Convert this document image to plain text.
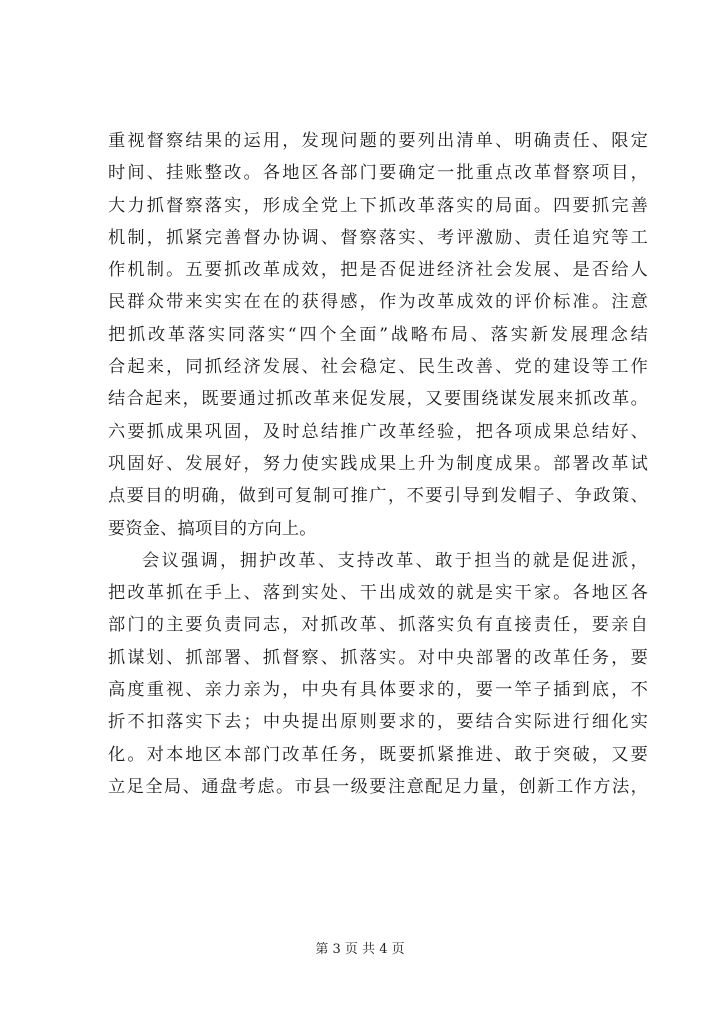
重视督察结果的运用，发现问题的要列出清单、明确责任、限定
时间、挂账整改。各地区各部门要确定一批重点改革督察项目，
大力抓督察落实，形成全党上下抓改革落实的局面。四要抓完善
机制，抓紧完善督办协调、督察落实、考评激励、责任追究等工
作机制。五要抓改革成效，把是否促进经济社会发展、是否给人
民群众带来实实在在的获得感，作为改革成效的评价标准。注意
把抓改革落实同落实“四个全面”战略布局、落实新发展理念结
合起来，同抓经济发展、社会稳定、民生改善、党的建设等工作
结合起来，既要通过抓改革来促发展，又要围绕谋发展来抓改革。
六要抓成果巩固，及时总结推广改革经验，把各项成果总结好、
巩固好、发展好，努力使实践成果上升为制度成果。部署改革试
点要目的明确，做到可复制可推广，不要引导到发帽子、争政策、
要资金、搞项目的方向上。
会议强调，拥护改革、支持改革、敢于担当的就是促进派，
把改革抓在手上、落到实处、干出成效的就是实干家。各地区各
部门的主要负责同志，对抓改革、抓落实负有直接责任，要亲自
抓谋划、抓部署、抓督察、抓落实。对中央部署的改革任务，要
高度重视、亲力亲为，中央有具体要求的，要一竿子插到底，不
折不扣落实下去；中央提出原则要求的，要结合实际进行细化实
化。对本地区本部门改革任务，既要抓紧推进、敢于突破，又要
立足全局、通盘考虑。市县一级要注意配足力量，创新工作方法，
第 3 页 共 4 页
